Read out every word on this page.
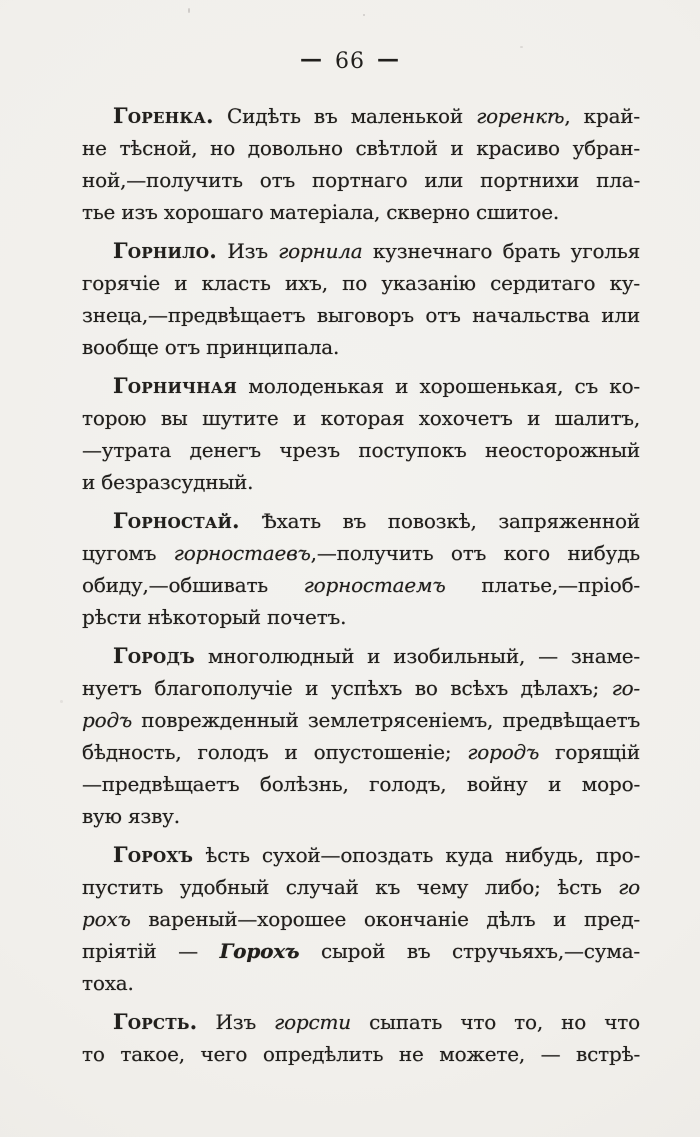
— 66 —
Горенка. Сидѣть въ маленькой горенкѣ, край-
не тѣсной, но довольно свѣтлой и красиво убран-
ной,—получить отъ портнаго или портнихи пла-
тье изъ хорошаго матеріала, скверно сшитое.
Горнило. Изъ горнила кузнечнаго брать уголья
горячіе и класть ихъ, по указанію сердитаго ку-
знеца,—предвѣщаетъ выговоръ отъ начальства или
вообще отъ принципала.
Горничная молоденькая и хорошенькая, съ ко-
торою вы шутите и которая хохочетъ и шалитъ,
—утрата денегъ чрезъ поступокъ неосторожный
и безразсудный.
Горностай. Ѣхать въ повозкѣ, запряженной
цугомъ горностаевъ,—получить отъ кого нибудь
обиду,—обшивать горностаемъ платье,—пріоб-
рѣсти нѣкоторый почетъ.
Городъ многолюдный и изобильный, — знаме-
нуетъ благополучіе и успѣхъ во всѣхъ дѣлахъ; го-
родъ поврежденный землетрясеніемъ, предвѣщаетъ
бѣдность, голодъ и опустошеніе; городъ горящій
—предвѣщаетъ болѣзнь, голодъ, войну и моро-
вую язву.
Горохъ ѣсть сухой—опоздать куда нибудь, про-
пустить удобный случай къ чему либо; ѣсть го
рохъ вареный—хорошее окончаніе дѣлъ и пред-
пріятій — Горохъ сырой въ стручьяхъ,—сума-
тоха.
Горсть. Изъ горсти сыпать что то, но что
то такое, чего опредѣлить не можете, — встрѣ-
